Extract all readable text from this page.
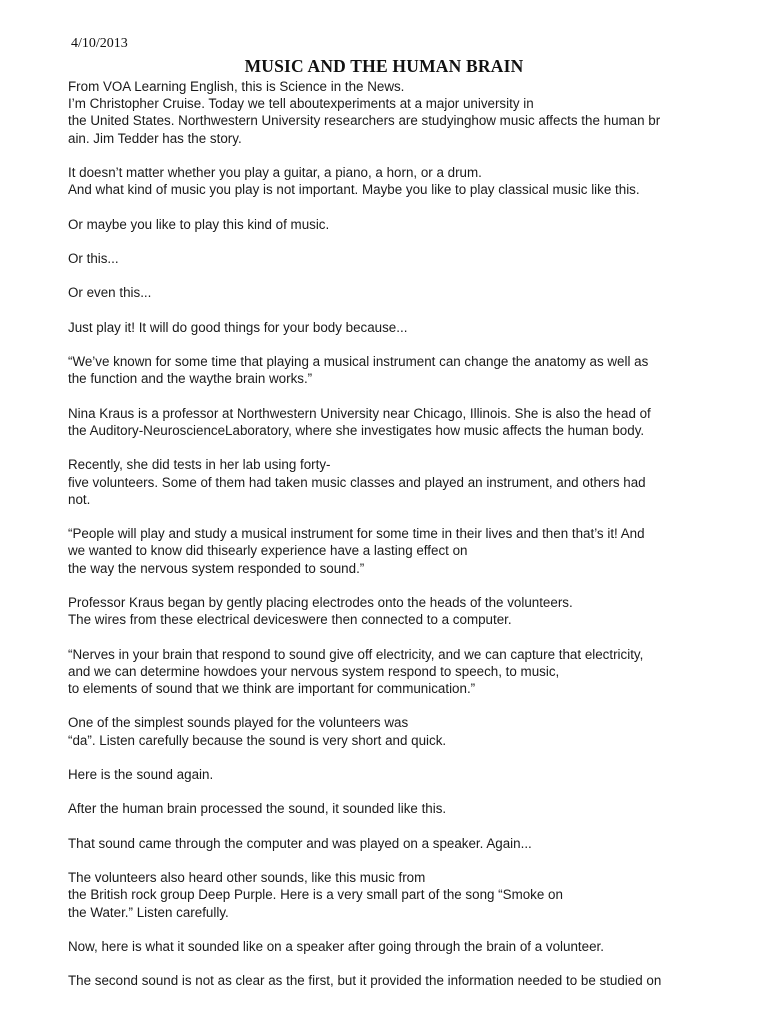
4/10/2013
MUSIC AND THE HUMAN BRAIN
From VOA Learning English, this is Science in the News.
I’m Christopher Cruise. Today we tell aboutexperiments at a major university in
the United States. Northwestern University researchers are studyinghow music affects the human br
ain. Jim Tedder has the story.
It doesn’t matter whether you play a guitar, a piano, a horn, or a drum.
And what kind of music you play is not important. Maybe you like to play classical music like this.
Or maybe you like to play this kind of music.
Or this...
Or even this...
Just play it! It will do good things for your body because...
“We’ve known for some time that playing a musical instrument can change the anatomy as well as
the function and the waythe brain works.”
Nina Kraus is a professor at Northwestern University near Chicago, Illinois. She is also the head of
the Auditory-NeuroscienceLaboratory, where she investigates how music affects the human body.
Recently, she did tests in her lab using forty-
five volunteers. Some of them had taken music classes and played an instrument, and others had
not.
“People will play and study a musical instrument for some time in their lives and then that’s it! And
we wanted to know did thisearly experience have a lasting effect on
the way the nervous system responded to sound.”
Professor Kraus began by gently placing electrodes onto the heads of the volunteers.
The wires from these electrical deviceswere then connected to a computer.
“Nerves in your brain that respond to sound give off electricity, and we can capture that electricity,
and we can determine howdoes your nervous system respond to speech, to music,
to elements of sound that we think are important for communication.”
One of the simplest sounds played for the volunteers was
“da”. Listen carefully because the sound is very short and quick.
Here is the sound again.
After the human brain processed the sound, it sounded like this.
That sound came through the computer and was played on a speaker. Again...
The volunteers also heard other sounds, like this music from
the British rock group Deep Purple. Here is a very small part of the song “Smoke on
the Water.” Listen carefully.
Now, here is what it sounded like on a speaker after going through the brain of a volunteer.
The second sound is not as clear as the first, but it provided the information needed to be studied on
